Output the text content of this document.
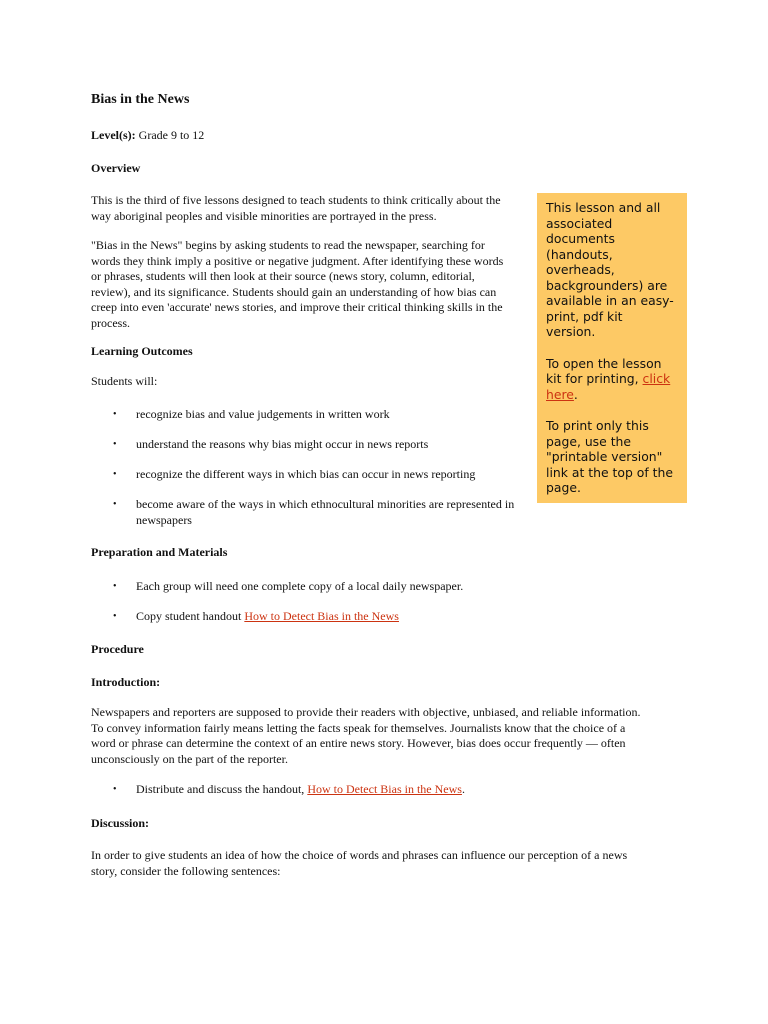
Bias in the News
Level(s): Grade 9 to 12
Overview
This is the third of five lessons designed to teach students to think critically about the
way aboriginal peoples and visible minorities are portrayed in the press.
"Bias in the News" begins by asking students to read the newspaper, searching for
words they think imply a positive or negative judgment. After identifying these words
or phrases, students will then look at their source (news story, column, editorial,
review), and its significance. Students should gain an understanding of how bias can
creep into even 'accurate' news stories, and improve their critical thinking skills in the
process.
Learning Outcomes
Students will:
• recognize bias and value judgements in written work
• understand the reasons why bias might occur in news reports
• recognize the different ways in which bias can occur in news reporting
• become aware of the ways in which ethnocultural minorities are represented in
newspapers
Preparation and Materials
• Each group will need one complete copy of a local daily newspaper.
• Copy student handout How to Detect Bias in the News
Procedure
Introduction:
Newspapers and reporters are supposed to provide their readers with objective, unbiased, and reliable information.
To convey information fairly means letting the facts speak for themselves. Journalists know that the choice of a
word or phrase can determine the context of an entire news story. However, bias does occur frequently — often
unconsciously on the part of the reporter.
• Distribute and discuss the handout, How to Detect Bias in the News.
Discussion:
In order to give students an idea of how the choice of words and phrases can influence our perception of a news
story, consider the following sentences:

This lesson and all
associated
documents
(handouts,
overheads,
backgrounders) are
available in an easy-
print, pdf kit
version.

To open the lesson
kit for printing, click
here.

To print only this
page, use the
"printable version"
link at the top of the
page.
